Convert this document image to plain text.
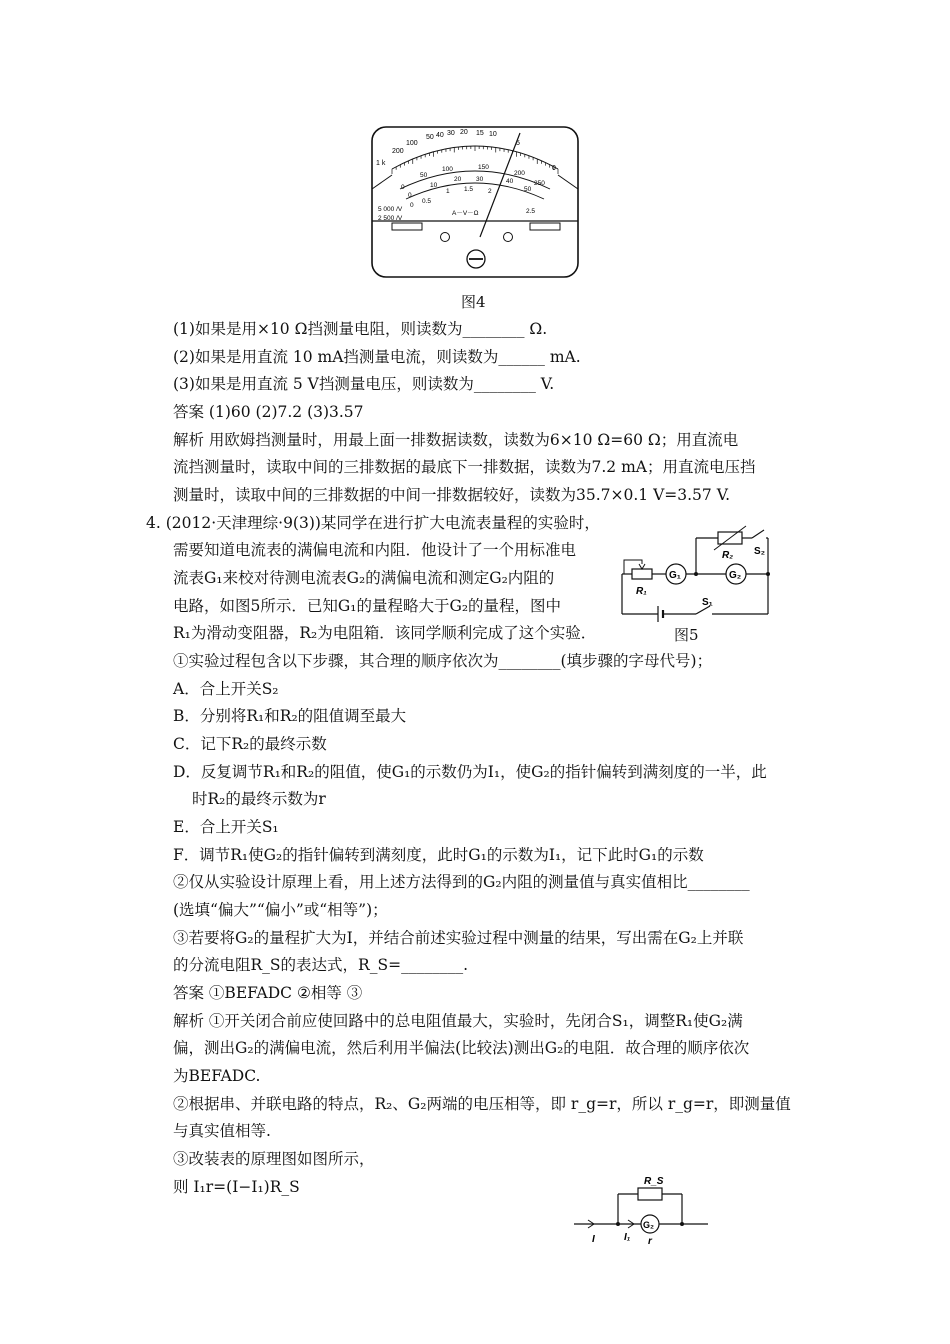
1 k
200
100
50 40 30 20 15 10
5
0
0
50
100	150
200
250
0
10
20 30	40
50
0
0.5
1 1.5 2
2.5
5 000 /V
2 500 /V
A－V－Ω
图4
(1)如果是用×10 Ω挡测量电阻，则读数为________ Ω.
(2)如果是用直流 10 mA挡测量电流，则读数为______ mA.
(3)如果是用直流 5 V挡测量电压，则读数为________ V.
答案 (1)60 (2)7.2 (3)3.57
解析 用欧姆挡测量时，用最上面一排数据读数，读数为6×10 Ω=60 Ω；用直流电
流挡测量时，读取中间的三排数据的最底下一排数据，读数为7.2 mA；用直流电压挡
测量时，读取中间的三排数据的中间一排数据较好，读数为35.7×0.1 V=3.57 V.
4. (2012·天津理综·9(3))某同学在进行扩大电流表量程的实验时，
需要知道电流表的满偏电流和内阻．他设计了一个用标准电
流表G₁来校对待测电流表G₂的满偏电流和测定G₂内阻的
电路，如图5所示．已知G₁的量程略大于G₂的量程，图中
R₁为滑动变阻器，R₂为电阻箱．该同学顺利完成了这个实验．
R₂ S₂
G₁	G₂
R₁
S₁
图5
①实验过程包含以下步骤，其合理的顺序依次为________(填步骤的字母代号)；
A．合上开关S₂
B．分别将R₁和R₂的阻值调至最大
C．记下R₂的最终示数
D．反复调节R₁和R₂的阻值，使G₁的示数仍为I₁，使G₂的指针偏转到满刻度的一半，此
时R₂的最终示数为r
E．合上开关S₁
F．调节R₁使G₂的指针偏转到满刻度，此时G₁的示数为I₁，记下此时G₁的示数
②仅从实验设计原理上看，用上述方法得到的G₂内阻的测量值与真实值相比________
(选填“偏大”“偏小”或“相等”)；
③若要将G₂的量程扩大为I，并结合前述实验过程中测量的结果，写出需在G₂上并联
的分流电阻R_S的表达式，R_S=________.
答案 ①BEFADC ②相等 ③
解析 ①开关闭合前应使回路中的总电阻值最大，实验时，先闭合S₁，调整R₁使G₂满
偏，测出G₂的满偏电流，然后利用半偏法(比较法)测出G₂的电阻．故合理的顺序依次
为BEFADC.
②根据串、并联电路的特点，R₂、G₂两端的电压相等，即 r_g=r，所以 r_g=r，即测量值
与真实值相等.
③改装表的原理图如图所示，
则 I₁r=(I−I₁)R_S	R_S
G₂
I	I₁ r
